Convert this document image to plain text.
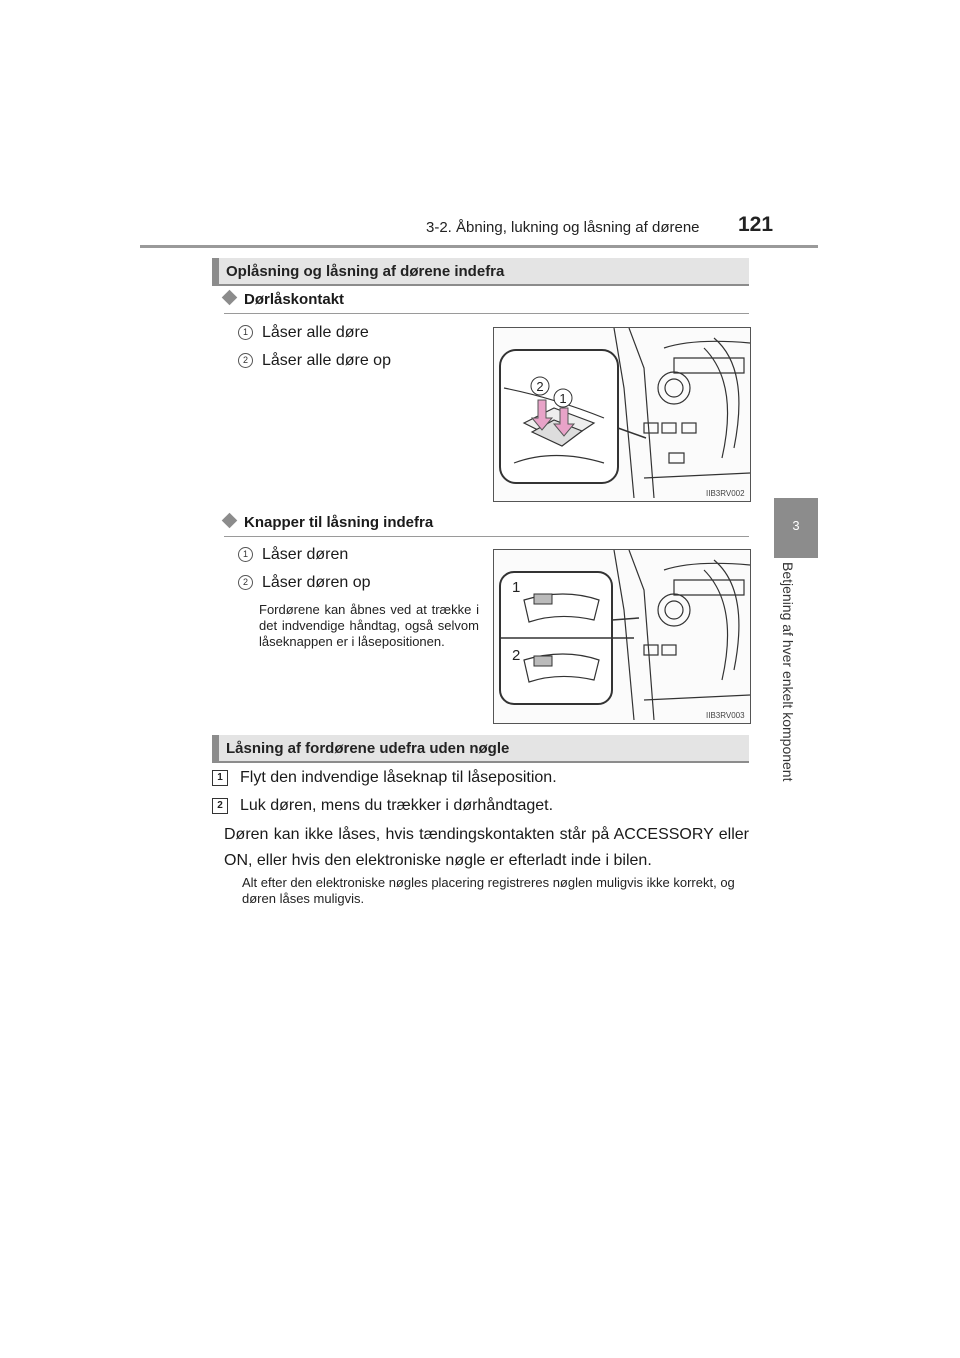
3-2. Åbning, lukning og låsning af dørene 121
3
Betjening af hver enkelt komponent
Oplåsning og låsning af dørene indefra
Dørlåskontakt
1 Låser alle døre
2 Låser alle døre op
2
1
IIB3RV002
Knapper til låsning indefra
1 Låser døren
2 Låser døren op
Fordørene kan åbnes ved at trække i det indvendige håndtag, også selvom låseknappen er i låsepositionen.
1
2
IIB3RV003
Låsning af fordørene udefra uden nøgle
1 Flyt den indvendige låseknap til låseposition.
2 Luk døren, mens du trækker i dørhåndtaget.
Døren kan ikke låses, hvis tændingskontakten står på ACCESSORY eller ON, eller hvis den elektroniske nøgle er efterladt inde i bilen.
Alt efter den elektroniske nøgles placering registreres nøglen muligvis ikke korrekt, og døren låses muligvis.
